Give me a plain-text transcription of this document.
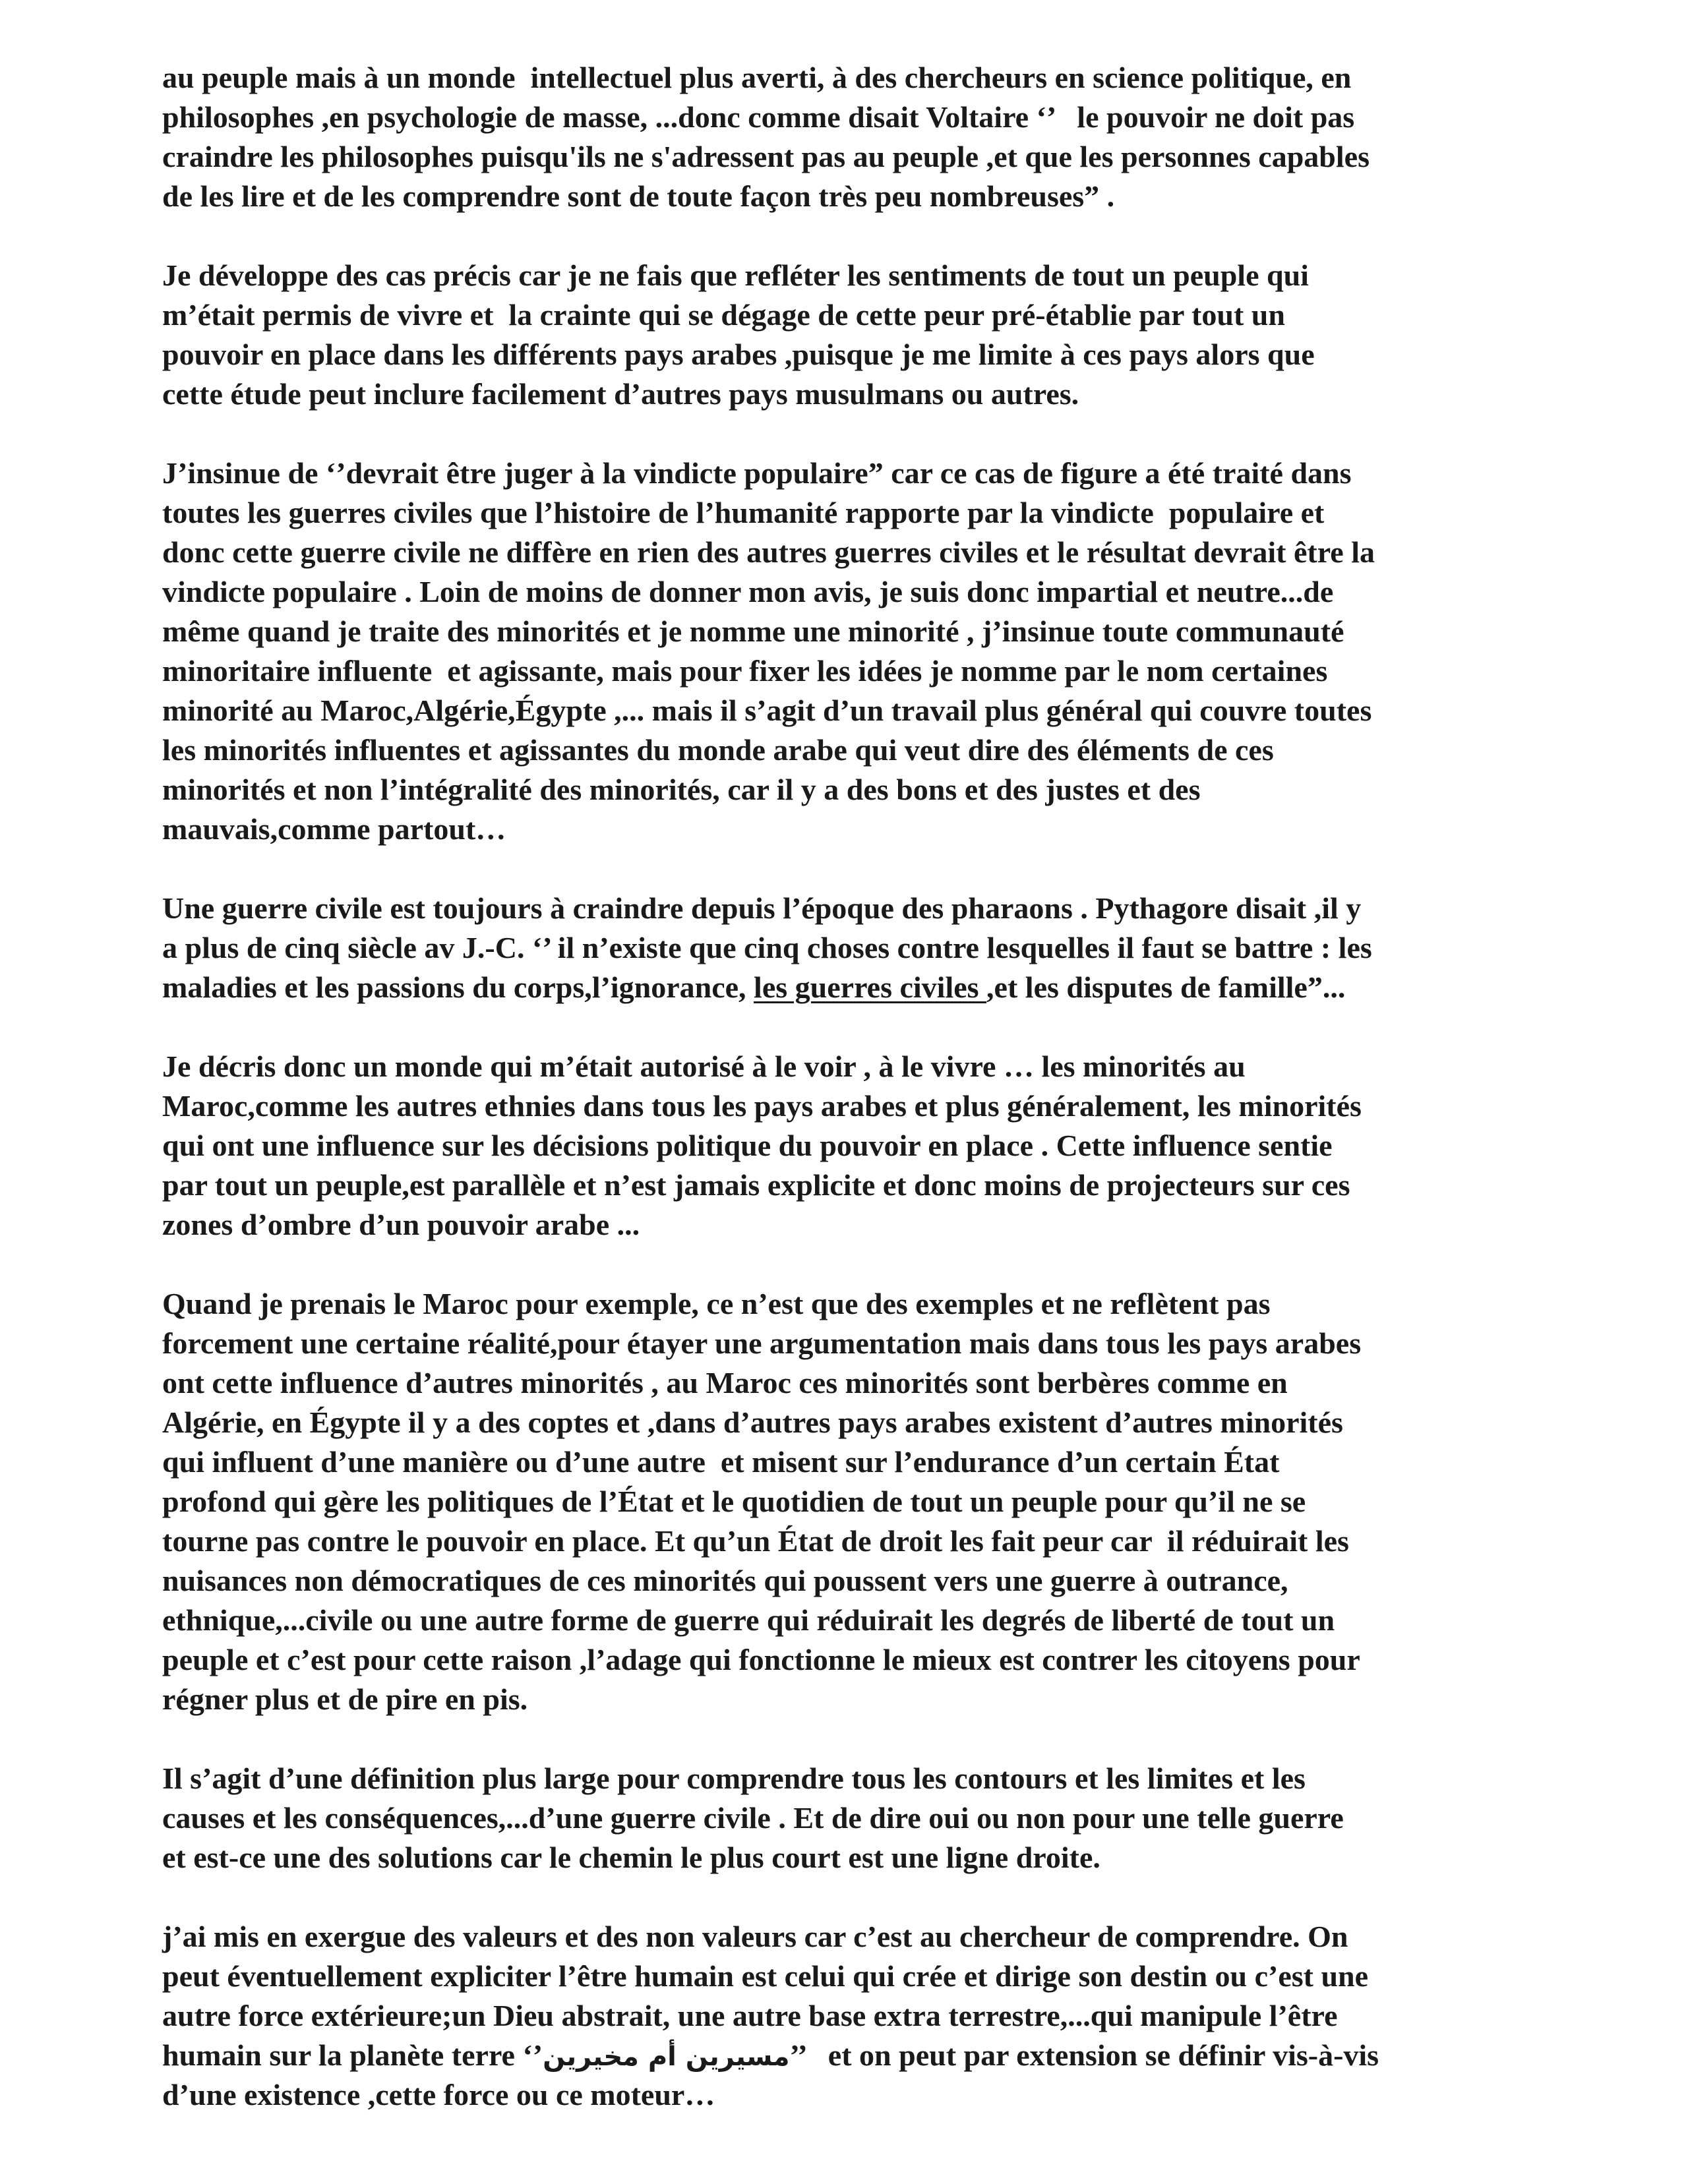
au peuple mais à un monde  intellectuel plus averti, à des chercheurs en science politique, en
philosophes ,en psychologie de masse, ...donc comme disait Voltaire ‘’   le pouvoir ne doit pas
craindre les philosophes puisqu'ils ne s'adressent pas au peuple ,et que les personnes capables
de les lire et de les comprendre sont de toute façon très peu nombreuses” .
Je développe des cas précis car je ne fais que refléter les sentiments de tout un peuple qui
m’était permis de vivre et  la crainte qui se dégage de cette peur pré-établie par tout un
pouvoir en place dans les différents pays arabes ,puisque je me limite à ces pays alors que
cette étude peut inclure facilement d’autres pays musulmans ou autres.
J’insinue de ‘’devrait être juger à la vindicte populaire” car ce cas de figure a été traité dans
toutes les guerres civiles que l’histoire de l’humanité rapporte par la vindicte  populaire et
donc cette guerre civile ne diffère en rien des autres guerres civiles et le résultat devrait être la
vindicte populaire . Loin de moins de donner mon avis, je suis donc impartial et neutre...de
même quand je traite des minorités et je nomme une minorité , j’insinue toute communauté
minoritaire influente  et agissante, mais pour fixer les idées je nomme par le nom certaines
minorité au Maroc,Algérie,Égypte ,... mais il s’agit d’un travail plus général qui couvre toutes
les minorités influentes et agissantes du monde arabe qui veut dire des éléments de ces
minorités et non l’intégralité des minorités, car il y a des bons et des justes et des
mauvais,comme partout…
Une guerre civile est toujours à craindre depuis l’époque des pharaons . Pythagore disait ,il y
a plus de cinq siècle av J.-C. ‘’ il n’existe que cinq choses contre lesquelles il faut se battre : les
maladies et les passions du corps,l’ignorance, les guerres civiles ,et les disputes de famille”...
Je décris donc un monde qui m’était autorisé à le voir , à le vivre … les minorités au
Maroc,comme les autres ethnies dans tous les pays arabes et plus généralement, les minorités
qui ont une influence sur les décisions politique du pouvoir en place . Cette influence sentie
par tout un peuple,est parallèle et n’est jamais explicite et donc moins de projecteurs sur ces
zones d’ombre d’un pouvoir arabe ...
Quand je prenais le Maroc pour exemple, ce n’est que des exemples et ne reflètent pas
forcement une certaine réalité,pour étayer une argumentation mais dans tous les pays arabes
ont cette influence d’autres minorités , au Maroc ces minorités sont berbères comme en
Algérie, en Égypte il y a des coptes et ,dans d’autres pays arabes existent d’autres minorités
qui influent d’une manière ou d’une autre  et misent sur l’endurance d’un certain État
profond qui gère les politiques de l’État et le quotidien de tout un peuple pour qu’il ne se
tourne pas contre le pouvoir en place. Et qu’un État de droit les fait peur car  il réduirait les
nuisances non démocratiques de ces minorités qui poussent vers une guerre à outrance,
ethnique,...civile ou une autre forme de guerre qui réduirait les degrés de liberté de tout un
peuple et c’est pour cette raison ,l’adage qui fonctionne le mieux est contrer les citoyens pour
régner plus et de pire en pis.
Il s’agit d’une définition plus large pour comprendre tous les contours et les limites et les
causes et les conséquences,...d’une guerre civile . Et de dire oui ou non pour une telle guerre
et est-ce une des solutions car le chemin le plus court est une ligne droite.
j’ai mis en exergue des valeurs et des non valeurs car c’est au chercheur de comprendre. On
peut éventuellement expliciter l’être humain est celui qui crée et dirige son destin ou c’est une
autre force extérieure;un Dieu abstrait, une autre base extra terrestre,...qui manipule l’être
humain sur la planète terre ‘’مسيرين أم مخيرين’’   et on peut par extension se définir vis-à-vis
d’une existence ,cette force ou ce moteur…
